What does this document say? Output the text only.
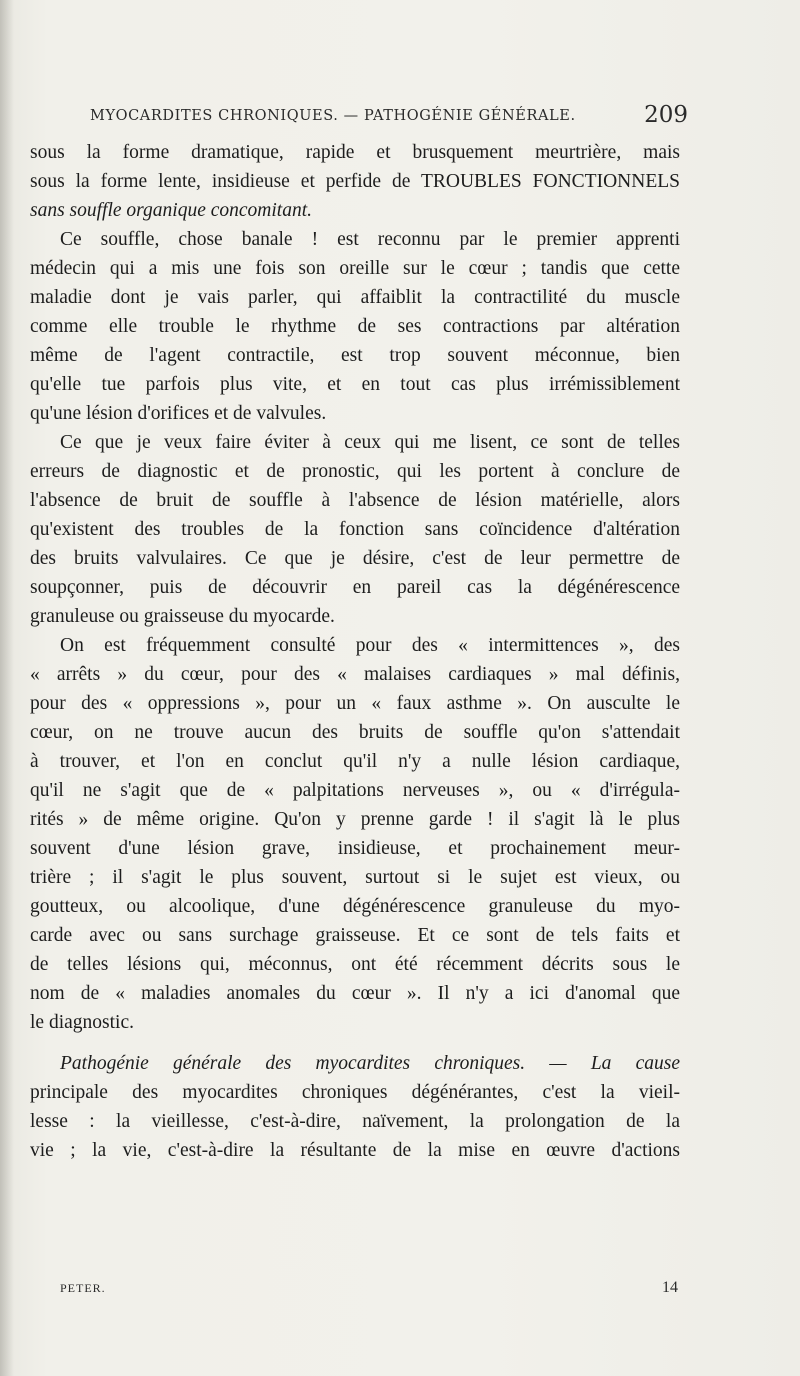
MYOCARDITES CHRONIQUES. — PATHOGÉNIE GÉNÉRALE.	209
sous la forme dramatique, rapide et brusquement meurtrière, mais
sous la forme lente, insidieuse et perfide de TROUBLES FONCTIONNELS
sans souffle organique concomitant.
Ce souffle, chose banale ! est reconnu par le premier apprenti
médecin qui a mis une fois son oreille sur le cœur ; tandis que cette
maladie dont je vais parler, qui affaiblit la contractilité du muscle
comme elle trouble le rhythme de ses contractions par altération
même de l'agent contractile, est trop souvent méconnue, bien
qu'elle tue parfois plus vite, et en tout cas plus irrémissiblement
qu'une lésion d'orifices et de valvules.
Ce que je veux faire éviter à ceux qui me lisent, ce sont de telles
erreurs de diagnostic et de pronostic, qui les portent à conclure de
l'absence de bruit de souffle à l'absence de lésion matérielle, alors
qu'existent des troubles de la fonction sans coïncidence d'altération
des bruits valvulaires. Ce que je désire, c'est de leur permettre de
soupçonner, puis de découvrir en pareil cas la dégénérescence
granuleuse ou graisseuse du myocarde.
On est fréquemment consulté pour des « intermittences », des
« arrêts » du cœur, pour des « malaises cardiaques » mal définis,
pour des « oppressions », pour un « faux asthme ». On ausculte le
cœur, on ne trouve aucun des bruits de souffle qu'on s'attendait
à trouver, et l'on en conclut qu'il n'y a nulle lésion cardiaque,
qu'il ne s'agit que de « palpitations nerveuses », ou « d'irrégula-
rités » de même origine. Qu'on y prenne garde ! il s'agit là le plus
souvent d'une lésion grave, insidieuse, et prochainement meur-
trière ; il s'agit le plus souvent, surtout si le sujet est vieux, ou
goutteux, ou alcoolique, d'une dégénérescence granuleuse du myo-
carde avec ou sans surchage graisseuse. Et ce sont de tels faits et
de telles lésions qui, méconnus, ont été récemment décrits sous le
nom de « maladies anomales du cœur ». Il n'y a ici d'anomal que
le diagnostic.
Pathogénie générale des myocardites chroniques. — La cause
principale des myocardites chroniques dégénérantes, c'est la vieil-
lesse : la vieillesse, c'est-à-dire, naïvement, la prolongation de la
vie ; la vie, c'est-à-dire la résultante de la mise en œuvre d'actions
PETER.	14
